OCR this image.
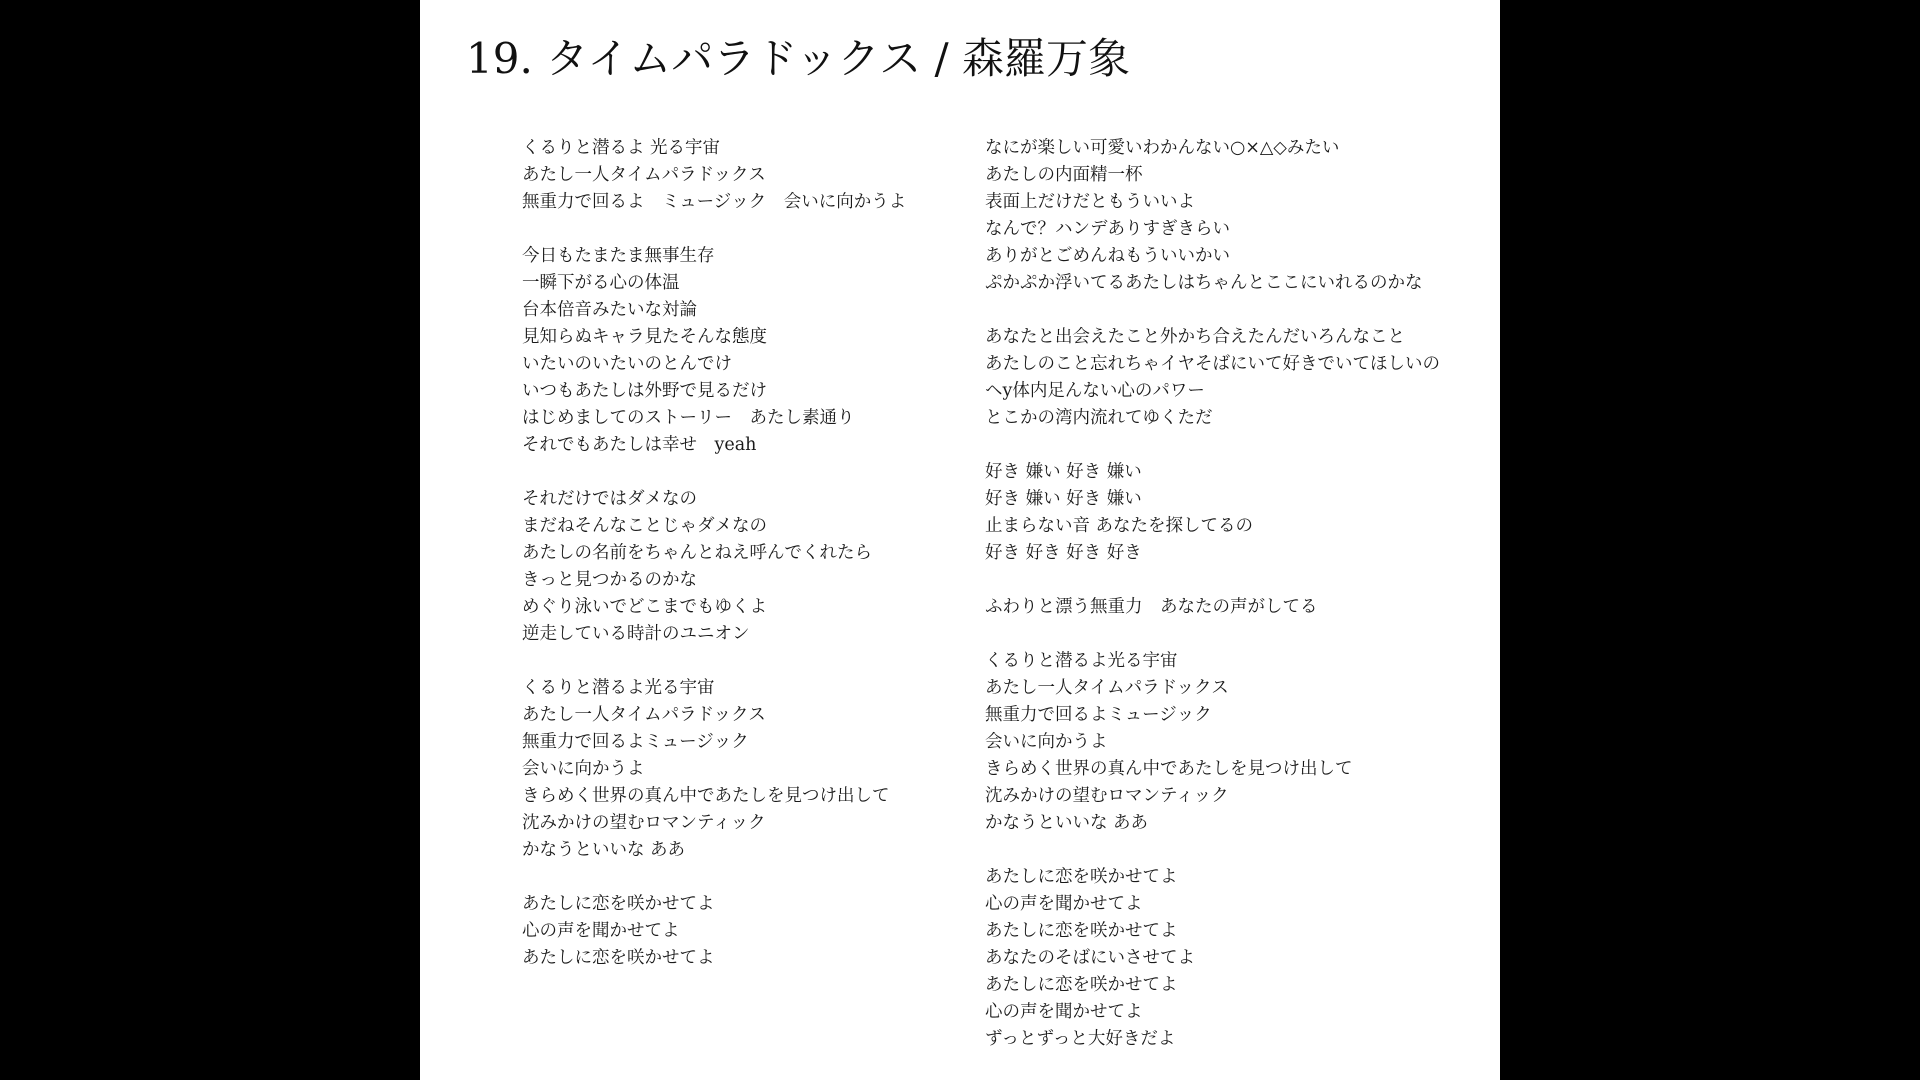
19. タイムパラドックス / 森羅万象
くるりと潜るよ 光る宇宙
あたし一人タイムパラドックス
無重力で回るよ　ミュージック　会いに向かうよ
今日もたまたま無事生存
一瞬下がる心の体温
台本倍音みたいな対論
見知らぬキャラ見たそんな態度
いたいのいたいのとんでけ
いつもあたしは外野で見るだけ
はじめましてのストーリー　あたし素通り
それでもあたしは幸せ　yeah
それだけではダメなの
まだねそんなことじゃダメなの
あたしの名前をちゃんとねえ呼んでくれたら
きっと見つかるのかな
めぐり泳いでどこまでもゆくよ
逆走している時計のユニオン
くるりと潜るよ光る宇宙
あたし一人タイムパラドックス
無重力で回るよミュージック
会いに向かうよ
きらめく世界の真ん中であたしを見つけ出して
沈みかけの望むロマンティック
かなうといいな ああ
あたしに恋を咲かせてよ
心の声を聞かせてよ
あたしに恋を咲かせてよ
なにが楽しい可愛いわかんない○×△◇みたい
あたしの内面精一杯
表面上だけだともういいよ
なんで？ハンデありすぎきらい
ありがとごめんねもういいかい
ぷかぷか浮いてるあたしはちゃんとここにいれるのかな
あなたと出会えたこと外かち合えたんだいろんなこと
あたしのこと忘れちゃイヤそばにいて好きでいてほしいの
ヘy体内足んない心のパワー
とこかの湾内流れてゆくただ
好き 嫌い 好き 嫌い
好き 嫌い 好き 嫌い
止まらない音 あなたを探してるの
好き 好き 好き 好き
ふわりと漂う無重力　あなたの声がしてる
くるりと潜るよ光る宇宙
あたし一人タイムパラドックス
無重力で回るよミュージック
会いに向かうよ
きらめく世界の真ん中であたしを見つけ出して
沈みかけの望むロマンティック
かなうといいな ああ
あたしに恋を咲かせてよ
心の声を聞かせてよ
あたしに恋を咲かせてよ
あなたのそばにいさせてよ
あたしに恋を咲かせてよ
心の声を聞かせてよ
ずっとずっと大好きだよ
